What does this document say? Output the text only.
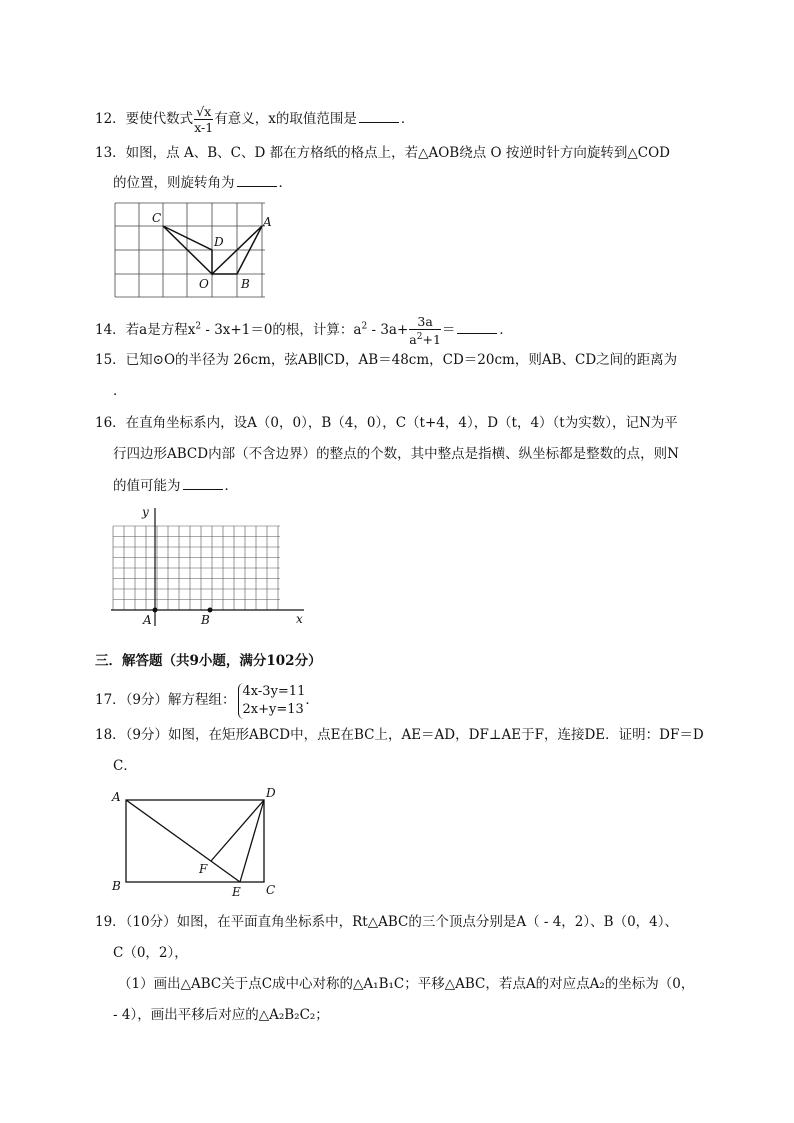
12．要使代数式 $\frac{√x}{x-1}$ 有意义，x的取值范围是	．
13．如图，点 A、B、C、D 都在方格纸的格点上，若△AOB绕点 O 按逆时针方向旋转到△COD
的位置，则旋转角为	．
C
D
A
O	B
14．若a是方程$x^2 - 3x+1=0$的根，计算：$a^2 - 3a+ \frac{3a}{a^2+1}$ ＝	．
15．已知⊙O的半径为 26cm，弦AB∥CD，AB＝48cm，CD＝20cm，则AB、CD之间的距离为
．
16．在直角坐标系内，设A（0，0），B（4，0），C（t+4，4），D（t，4）（t为实数），记N为平
行四边形ABCD内部（不含边界）的整点的个数，其中整点是指横、纵坐标都是整数的点，则N
的值可能为	．
y
x
A	B
三．解答题（共9小题，满分102分）
17．（9分）解方程组：
4x-3y=11
2x+y=13
．
18．（9分）如图，在矩形ABCD中，点E在BC上，AE＝AD，DF⊥AE于F，连接DE．证明：DF＝D
C．
A	D
F
B	E C
19．（10分）如图，在平面直角坐标系中，Rt△ABC的三个顶点分别是A（ - 4，2）、B（0，4）、
C（0，2），
（1）画出△ABC关于点C成中心对称的△A₁B₁C；平移△ABC，若点A的对应点A₂的坐标为（0，
- 4），画出平移后对应的△A₂B₂C₂；
